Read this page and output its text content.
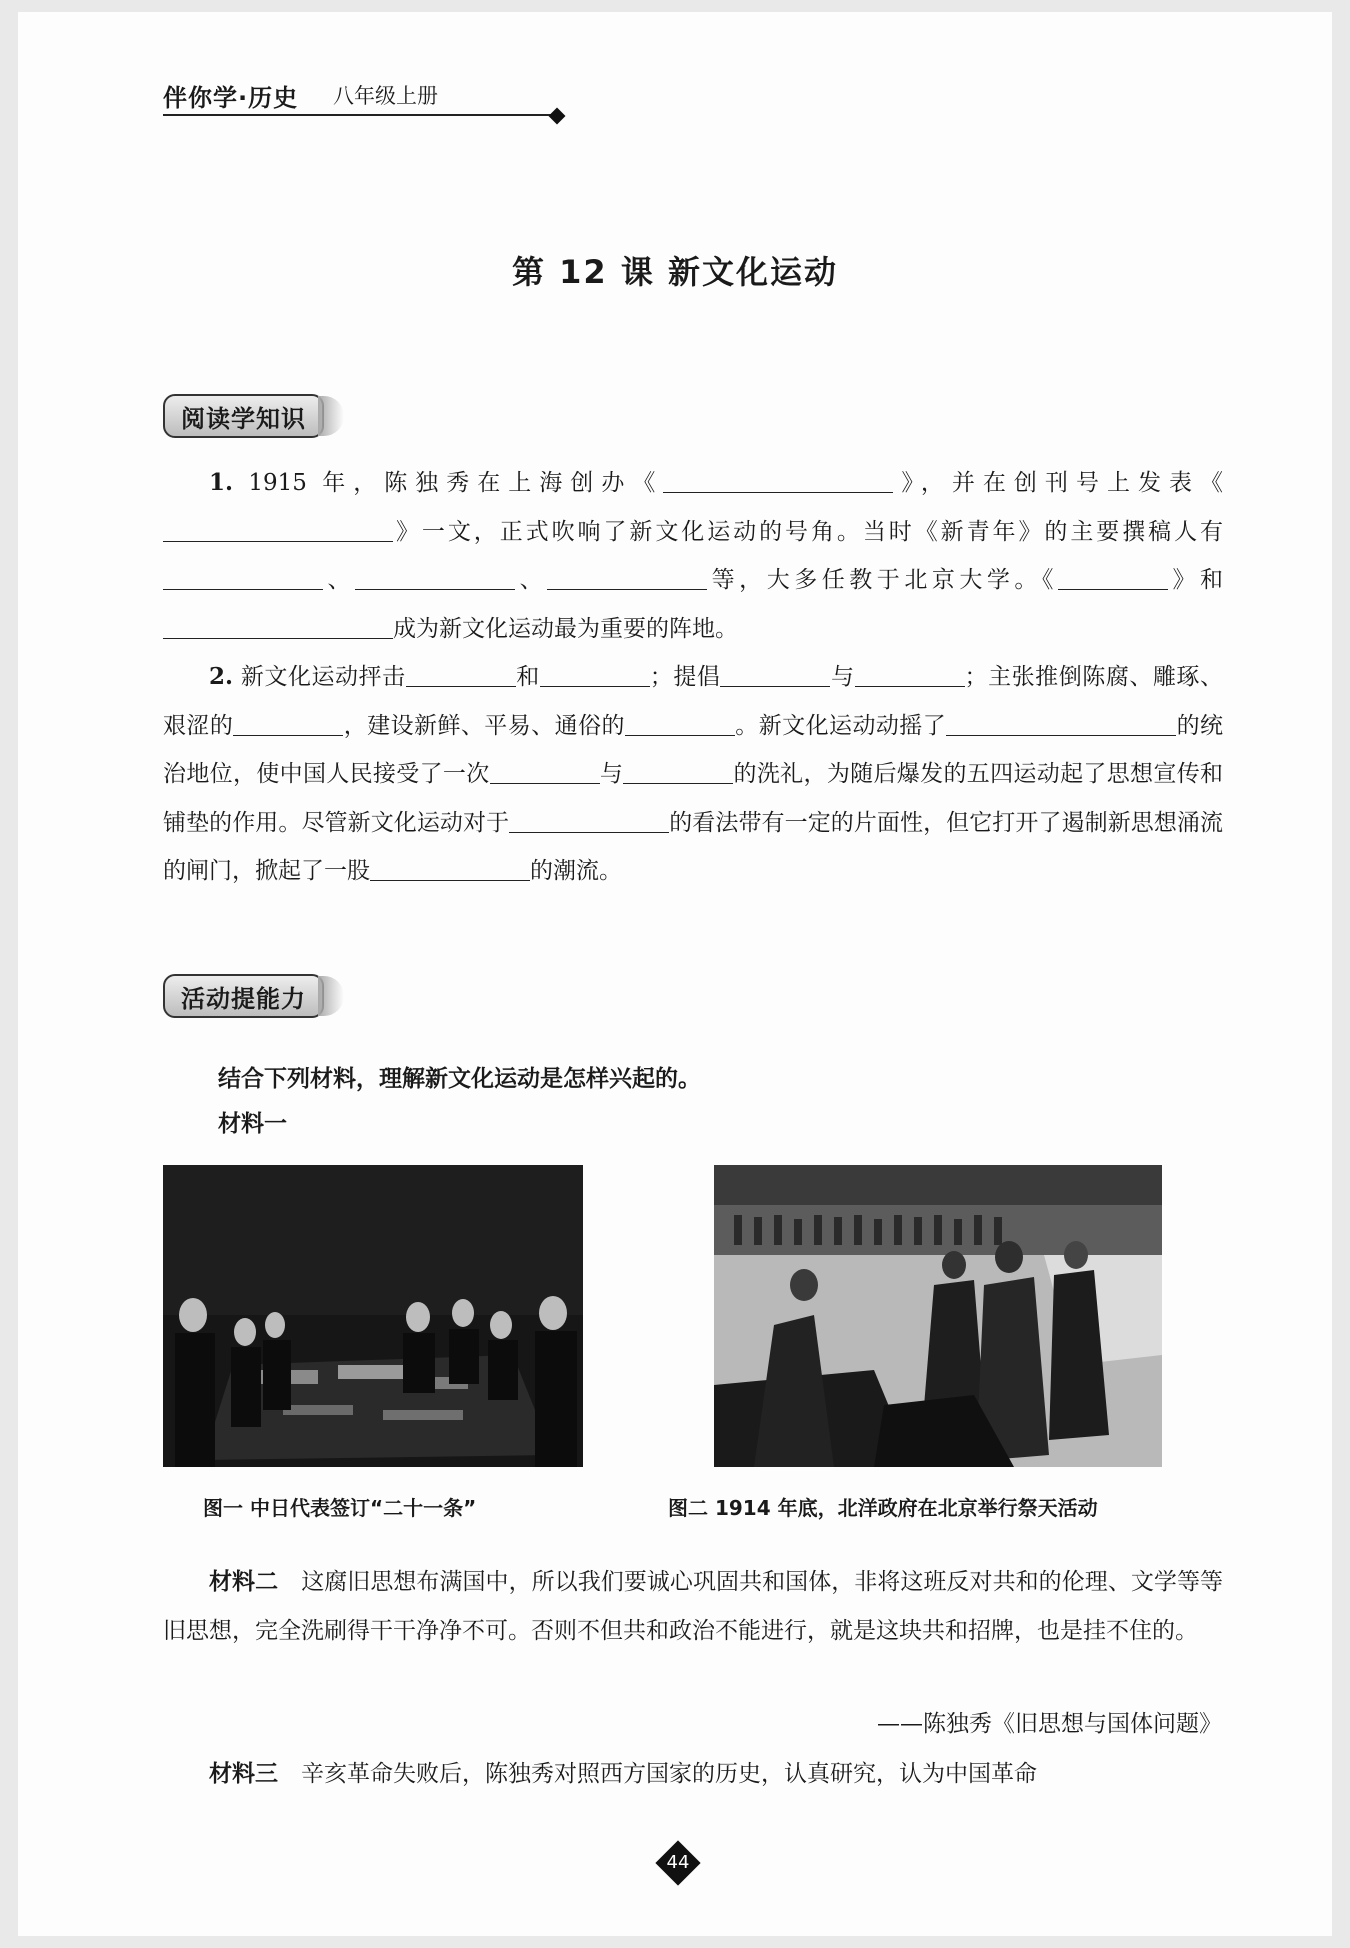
伴你学·历史 八年级上册
第 12 课 新文化运动
阅读学知识

1. 1915 年，陈独秀在上海创办《	》，并在创刊号上发表《》一文，正式吹响了新文化运动的号角。当时《新青年》的主要撰稿人有、	、	等，大多任教于北京大学。《	》和成为新文化运动最为重要的阵地。

2. 新文化运动抨击	和	；提倡	与	；主张推倒陈腐、雕琢、艰涩的	，建设新鲜、平易、通俗的	。新文化运动动摇了	的统治地位，使中国人民接受了一次	与	的洗礼，为随后爆发的五四运动起了思想宣传和铺垫的作用。尽管新文化运动对于	的看法带有一定的片面性，但它打开了遏制新思想涌流的闸门，掀起了一股	的潮流。

活动提能力
结合下列材料，理解新文化运动是怎样兴起的。
材料一
图一 中日代表签订“二十一条”	图二 1914 年底，北洋政府在北京举行祭天活动

材料二　 这腐旧思想布满国中，所以我们要诚心巩固共和国体，非将这班反对共和的伦理、文学等等旧思想，完全洗刷得干干净净不可。否则不但共和政治不能进行，就是这块共和招牌，也是挂不住的。

——陈独秀《旧思想与国体问题》

材料三　 辛亥革命失败后，陈独秀对照西方国家的历史，认真研究，认为中国革命

44
